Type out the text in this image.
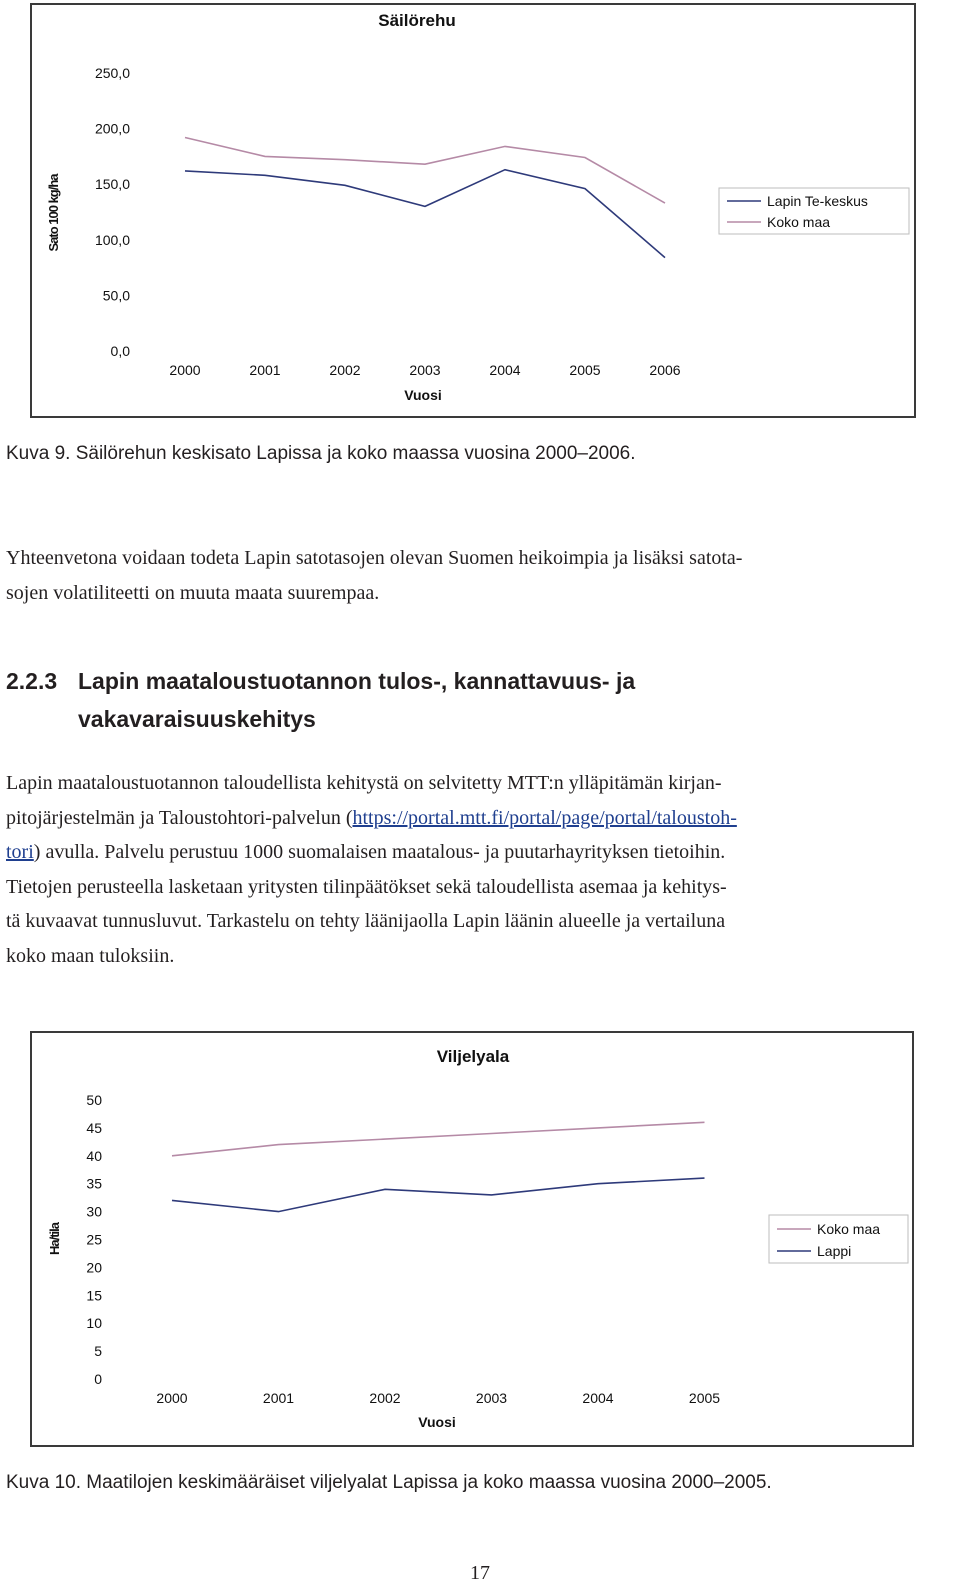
Säilörehu
0,0
50,0
100,0
150,0
200,0
250,0
Sato 100 kg/ha
2000	2001	2002	2003	2004	2005	2006
Vuosi
Lapin Te-keskus
Koko maa
Kuva 9. Säilörehun keskisato Lapissa ja koko maassa vuosina 2000–2006.
Yhteenvetona voidaan todeta Lapin satotasojen olevan Suomen heikoimpia ja lisäksi satota-
sojen volatiliteetti on muuta maata suurempaa.
2.2.3 Lapin maataloustuotannon tulos-, kannattavuus- ja
vakavaraisuuskehitys
Lapin maataloustuotannon taloudellista kehitystä on selvitetty MTT:n ylläpitämän kirjan-
pitojärjestelmän ja Taloustohtori-palvelun (https://portal.mtt.fi/portal/page/portal/taloustoh-
tori) avulla. Palvelu perustuu 1000 suomalaisen maatalous- ja puutarhayrityksen tietoihin.
Tietojen perusteella lasketaan yritysten tilinpäätökset sekä taloudellista asemaa ja kehitys-
tä kuvaavat tunnusluvut. Tarkastelu on tehty läänijaolla Lapin läänin alueelle ja vertailuna
koko maan tuloksiin.
Viljelyala
0
5
10
15
20
25
30
35
40
45
50
Ha/tila
2000	2001	2002	2003	2004	2005
Vuosi
Koko maa
Lappi
Kuva 10. Maatilojen keskimääräiset viljelyalat Lapissa ja koko maassa vuosina 2000–2005.
17
